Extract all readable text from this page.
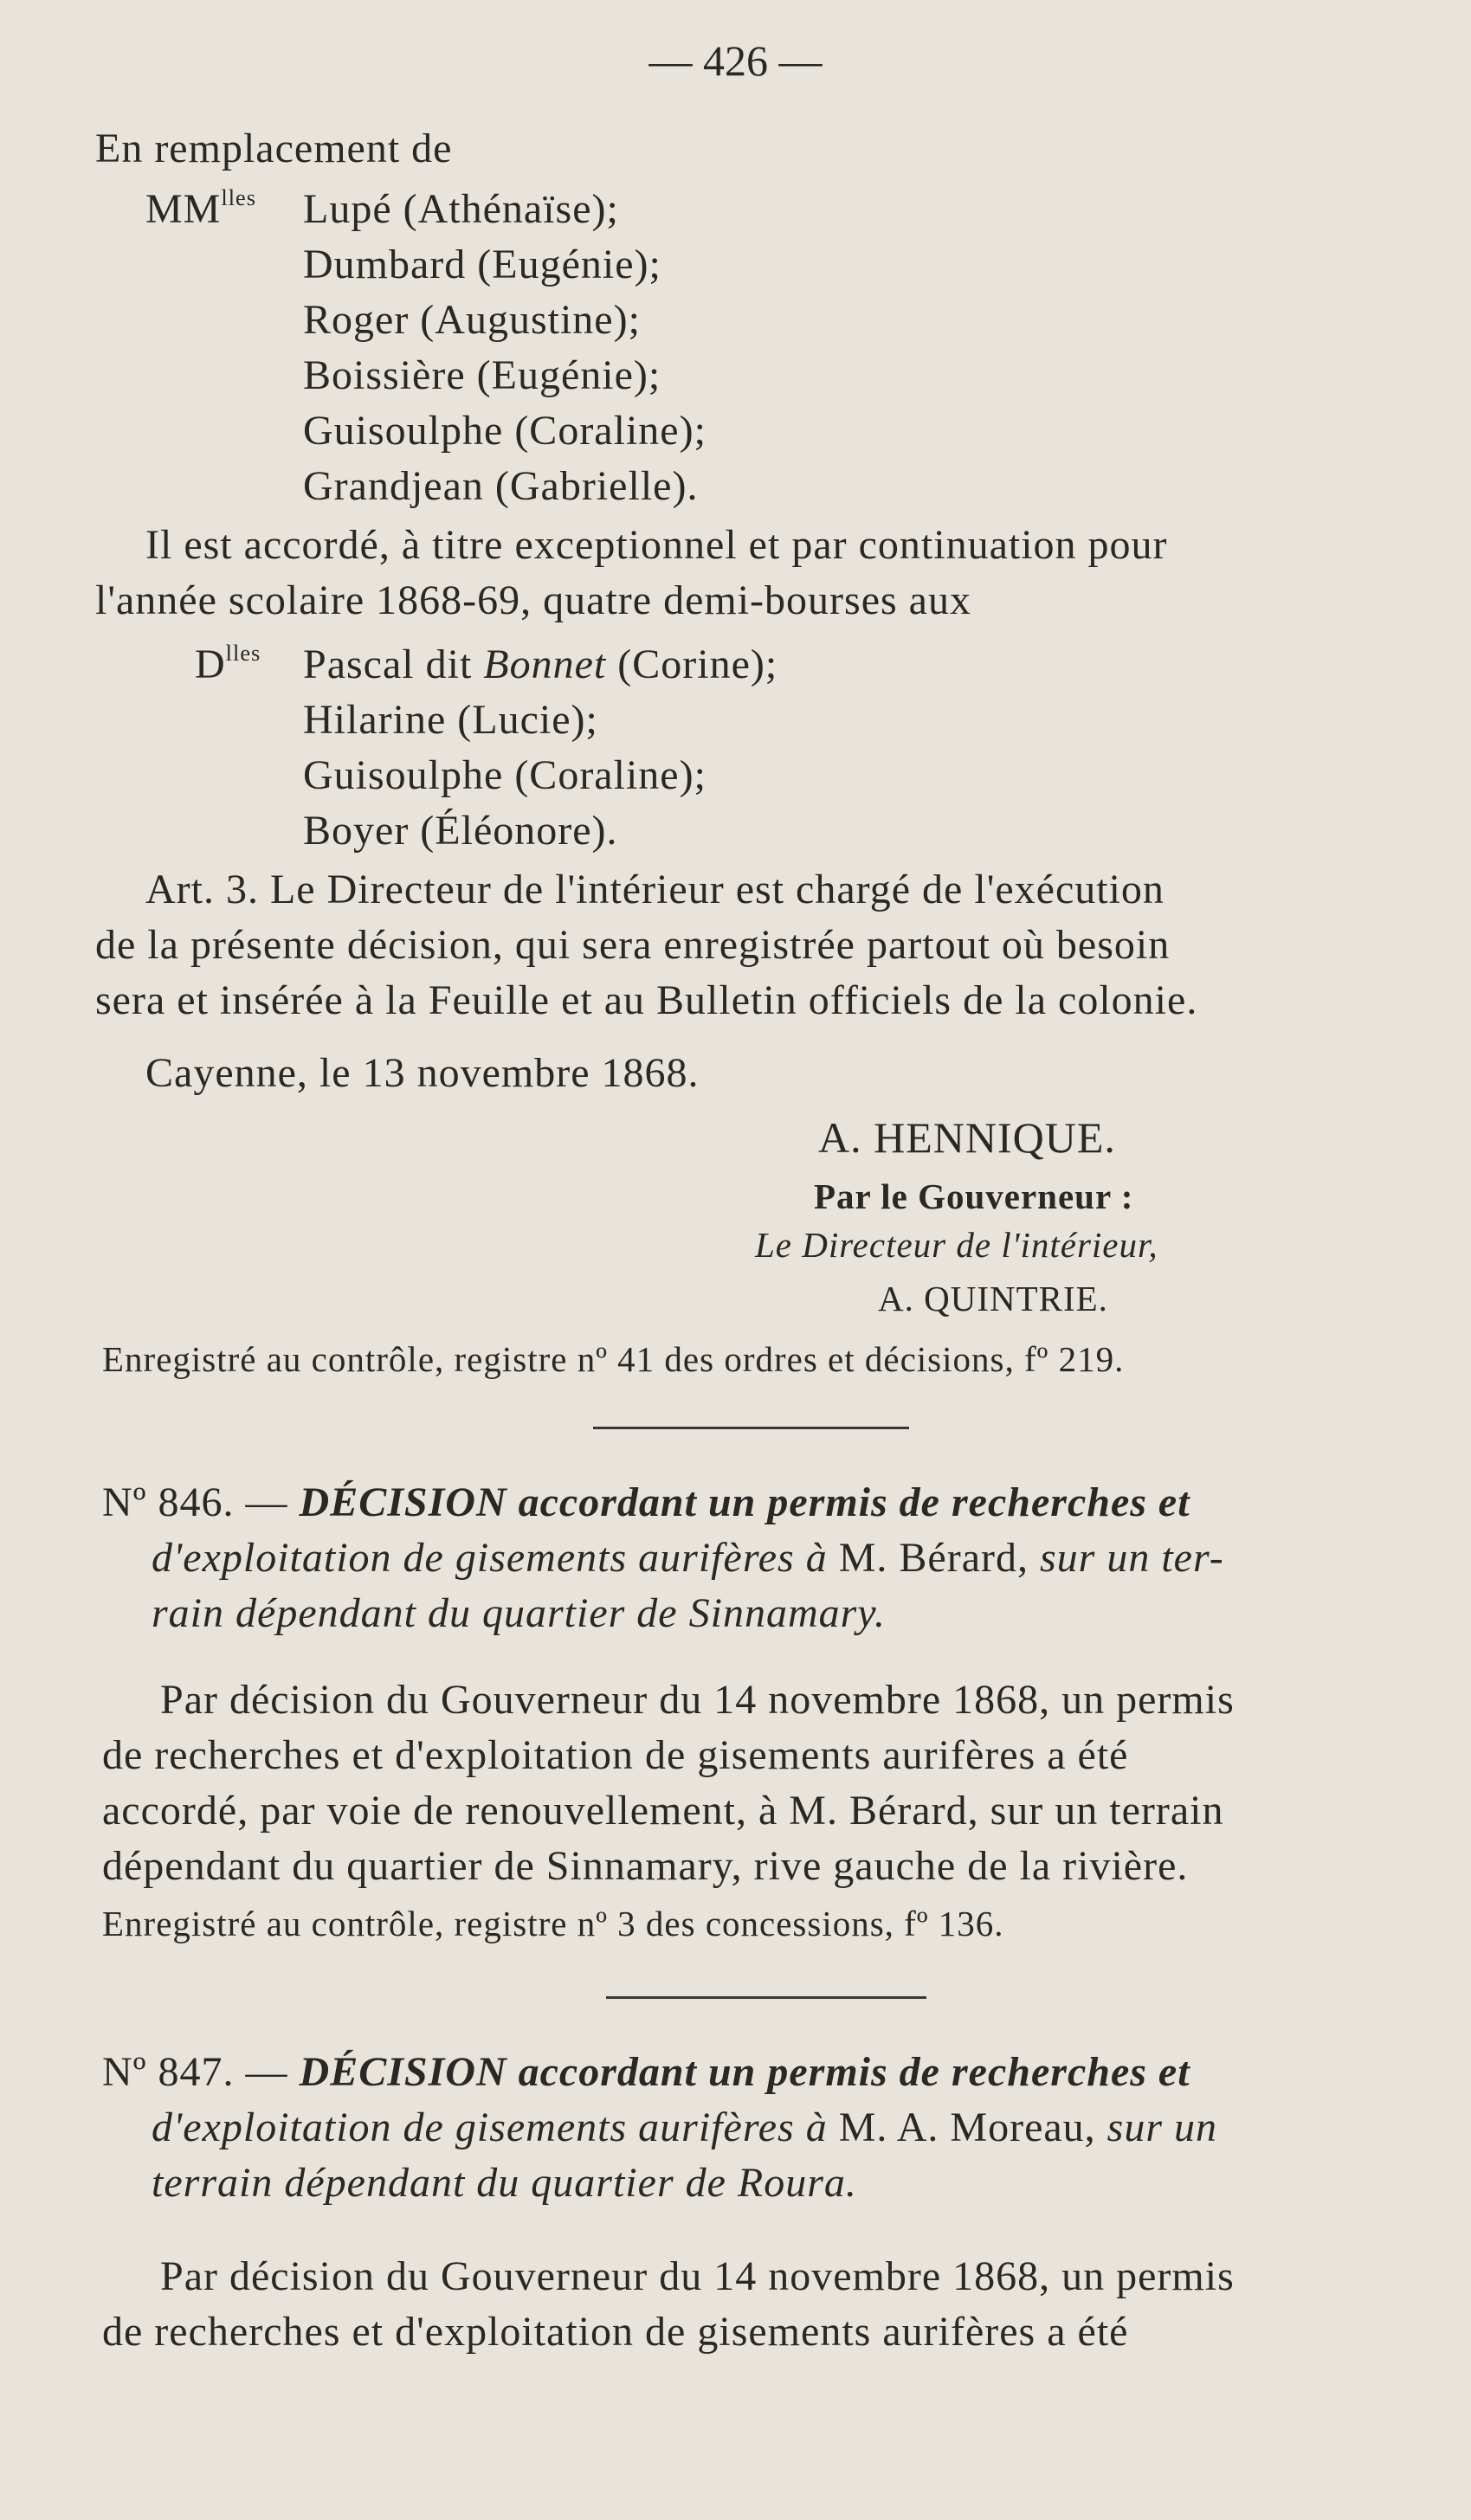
— 426 —
En remplacement de
$MM^{lles}$ Lupé (Athénaïse);
Dumbard (Eugénie);
Roger (Augustine);
Boissière (Eugénie);
Guisoulphe (Coraline);
Grandjean (Gabrielle).
Il est accordé, à titre exceptionnel et par continuation pour
l'année scolaire 1868-69, quatre demi-bourses aux
$D^{lles}$ Pascal dit Bonnet (Corine);
Hilarine (Lucie);
Guisoulphe (Coraline);
Boyer (Éléonore).
Art. 3. Le Directeur de l'intérieur est chargé de l'exécution
de la présente décision, qui sera enregistrée partout où besoin
sera et insérée à la Feuille et au Bulletin officiels de la colonie.
Cayenne, le 13 novembre 1868.
A. HENNIQUE.
Par le Gouverneur :
Le Directeur de l'intérieur,
A. QUINTRIE.
Enregistré au contrôle, registre nº 41 des ordres et décisions, fº 219.
Nº 846. — DÉCISION accordant un permis de recherches et
d'exploitation de gisements aurifères à M. Bérard, sur un ter-
rain dépendant du quartier de Sinnamary.
Par décision du Gouverneur du 14 novembre 1868, un permis
de recherches et d'exploitation de gisements aurifères a été
accordé, par voie de renouvellement, à M. Bérard, sur un terrain
dépendant du quartier de Sinnamary, rive gauche de la rivière.
Enregistré au contrôle, registre nº 3 des concessions, fº 136.
Nº 847. — DÉCISION accordant un permis de recherches et
d'exploitation de gisements aurifères à M. A. Moreau, sur un
terrain dépendant du quartier de Roura.
Par décision du Gouverneur du 14 novembre 1868, un permis
de recherches et d'exploitation de gisements aurifères a été
